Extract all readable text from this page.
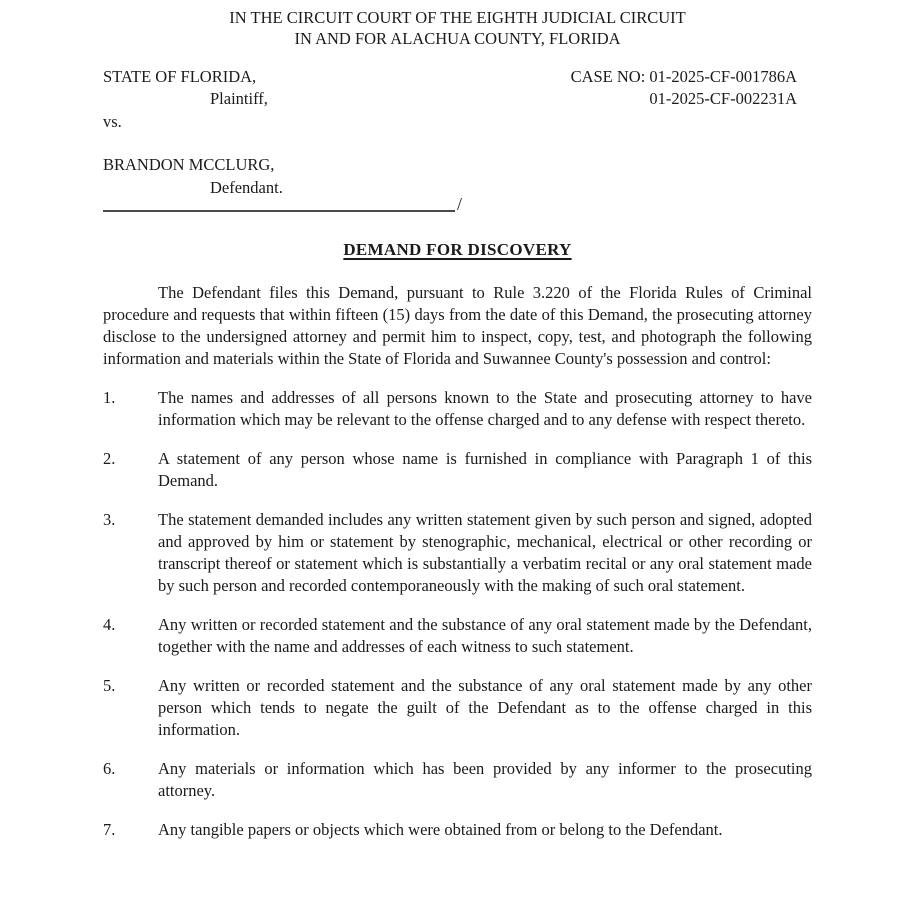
IN THE CIRCUIT COURT OF THE EIGHTH JUDICIAL CIRCUIT
IN AND FOR ALACHUA COUNTY, FLORIDA
STATE OF FLORIDA,
Plaintiff,
vs.
BRANDON MCCLURG,
Defendant.
CASE NO: 01-2025-CF-001786A
01-2025-CF-002231A
/
DEMAND FOR DISCOVERY

The Defendant files this Demand, pursuant to Rule 3.220 of the Florida Rules of Criminal procedure and requests that within fifteen (15) days from the date of this Demand, the prosecuting attorney disclose to the undersigned attorney and permit him to inspect, copy, test, and photograph the following information and materials within the State of Florida and Suwannee County's possession and control:

1.	The names and addresses of all persons known to the State and prosecuting attorney to have information which may be relevant to the offense charged and to any defense with respect thereto.
2.	A statement of any person whose name is furnished in compliance with Paragraph 1 of this Demand.
3.	The statement demanded includes any written statement given by such person and signed, adopted and approved by him or statement by stenographic, mechanical, electrical or other recording or transcript thereof or statement which is substantially a verbatim recital or any oral statement made by such person and recorded contemporaneously with the making of such oral statement.
4.	Any written or recorded statement and the substance of any oral statement made by the Defendant, together with the name and addresses of each witness to such statement.
5.	Any written or recorded statement and the substance of any oral statement made by any other person which tends to negate the guilt of the Defendant as to the offense charged in this information.
6.	Any materials or information which has been provided by any informer to the prosecuting attorney.
7.	Any tangible papers or objects which were obtained from or belong to the Defendant.
